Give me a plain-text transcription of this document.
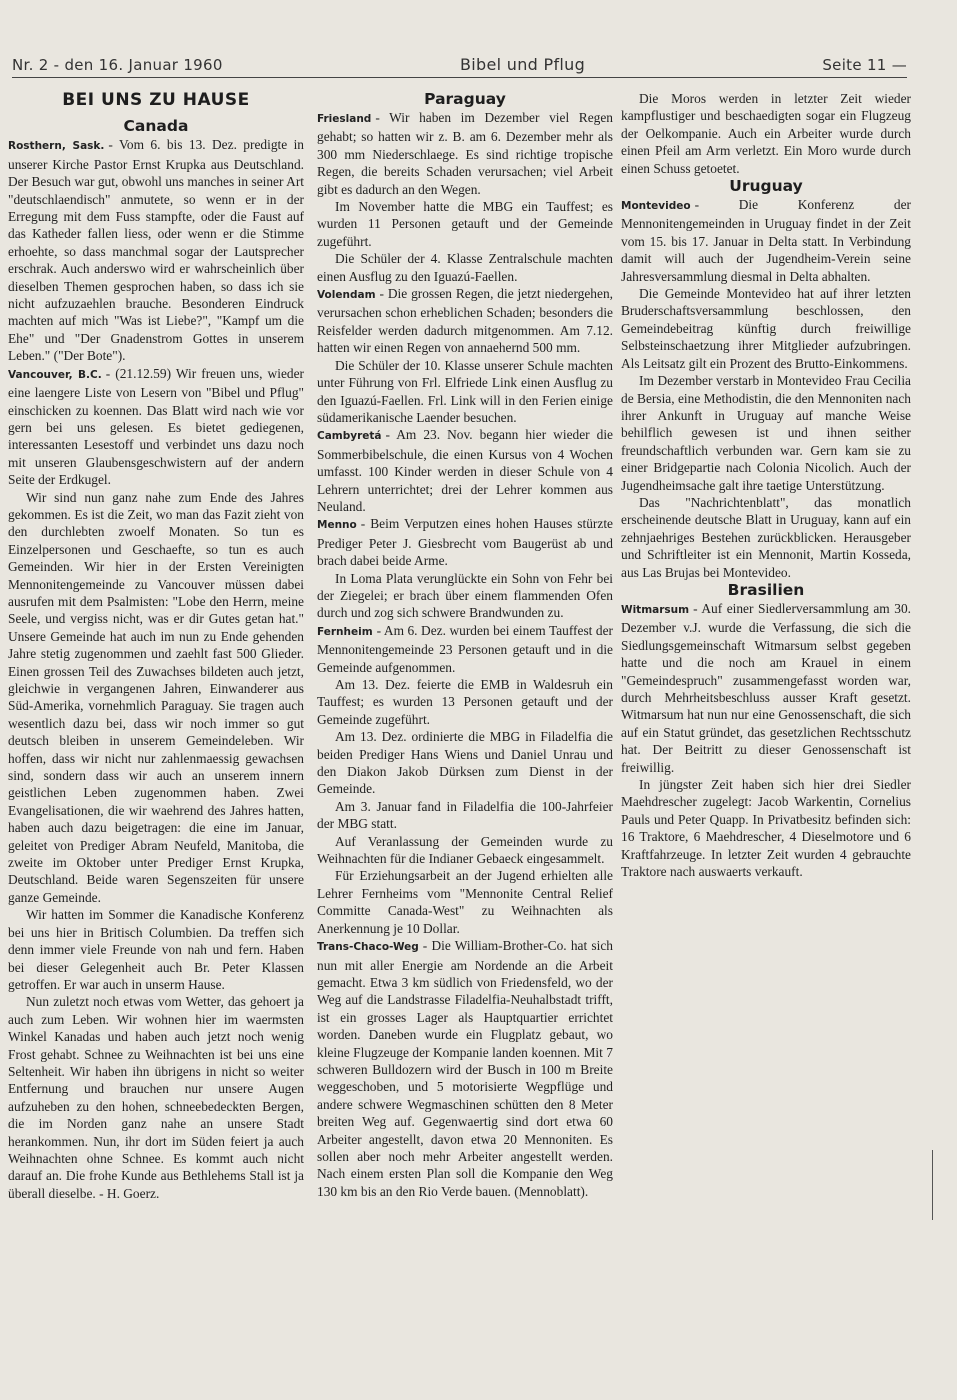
Nr. 2 - den 16. Januar 1960	Bibel und Pflug	Seite 11 —
BEI UNS ZU HAUSE
Canada

Rosthern, Sask. - Vom 6. bis 13. Dez. predigte in unserer Kirche Pastor Ernst Krupka aus Deutschland. Der Besuch war gut, obwohl uns manches in seiner Art "deutschlaendisch" anmutete, so wenn er in der Erregung mit dem Fuss stampfte, oder die Faust auf das Katheder fallen liess, oder wenn er die Stimme erhoehte, so dass manchmal sogar der Lautsprecher erschrak. Auch anderswo wird er wahrscheinlich über dieselben Themen gesprochen haben, so dass ich sie nicht aufzuzaehlen brauche. Besonderen Eindruck machten auf mich "Was ist Liebe?", "Kampf um die Ehe" und "Der Gnadenstrom Gottes in unserem Leben." ("Der Bote").

Vancouver, B.C. - (21.12.59) Wir freuen uns, wieder eine laengere Liste von Lesern von "Bibel und Pflug" einschicken zu koennen. Das Blatt wird nach wie vor gern bei uns gelesen. Es bietet gediegenen, interessanten Lesestoff und verbindet uns dazu noch mit unseren Glaubensgeschwistern auf der andern Seite der Erdkugel.

Wir sind nun ganz nahe zum Ende des Jahres gekommen. Es ist die Zeit, wo man das Fazit zieht von den durchlebten zwoelf Monaten. So tun es Einzelpersonen und Geschaefte, so tun es auch Gemeinden. Wir hier in der Ersten Vereinigten Mennonitengemeinde zu Vancouver müssen dabei ausrufen mit dem Psalmisten: "Lobe den Herrn, meine Seele, und vergiss nicht, was er dir Gutes getan hat." Unsere Gemeinde hat auch im nun zu Ende gehenden Jahre stetig zugenommen und zaehlt fast 500 Glieder. Einen grossen Teil des Zuwachses bildeten auch jetzt, gleichwie in vergangenen Jahren, Einwanderer aus Süd-Amerika, vornehmlich Paraguay. Sie tragen auch wesentlich dazu bei, dass wir noch immer so gut deutsch bleiben in unserem Gemeindeleben. Wir hoffen, dass wir nicht nur zahlenmaessig gewachsen sind, sondern dass wir auch an unserem innern geistlichen Leben zugenommen haben. Zwei Evangelisationen, die wir waehrend des Jahres hatten, haben auch dazu beigetragen: die eine im Januar, geleitet von Prediger Abram Neufeld, Manitoba, die zweite im Oktober unter Prediger Ernst Krupka, Deutschland. Beide waren Segenszeiten für unsere ganze Gemeinde.

Wir hatten im Sommer die Kanadische Konferenz bei uns hier in Britisch Columbien. Da treffen sich denn immer viele Freunde von nah und fern. Haben bei dieser Gelegenheit auch Br. Peter Klassen getroffen. Er war auch in unserm Hause.

Nun zuletzt noch etwas vom Wetter, das gehoert ja auch zum Leben. Wir wohnen hier im waermsten Winkel Kanadas und haben auch jetzt noch wenig Frost gehabt. Schnee zu Weihnachten ist bei uns eine Seltenheit. Wir haben ihn übrigens in nicht so weiter Entfernung und brauchen nur unsere Augen aufzuheben zu den hohen, schneebedeckten Bergen, die im Norden ganz nahe an unsere Stadt herankommen. Nun, ihr dort im Süden feiert ja auch Weihnachten ohne Schnee. Es kommt auch nicht darauf an. Die frohe Kunde aus Bethlehems Stall ist ja überall dieselbe. - H. Goerz.

Paraguay

Friesland - Wir haben im Dezember viel Regen gehabt; so hatten wir z. B. am 6. Dezember mehr als 300 mm Niederschlaege. Es sind richtige tropische Regen, die bereits Schaden verursachen; viel Arbeit gibt es dadurch an den Wegen.

Im November hatte die MBG ein Tauffest; es wurden 11 Personen getauft und der Gemeinde zugeführt.

Die Schüler der 4. Klasse Zentralschule machten einen Ausflug zu den Iguazú-Faellen.

Volendam - Die grossen Regen, die jetzt niedergehen, verursachen schon erheblichen Schaden; besonders die Reisfelder werden dadurch mitgenommen. Am 7.12. hatten wir einen Regen von annaehernd 500 mm.

Die Schüler der 10. Klasse unserer Schule machten unter Führung von Frl. Elfriede Link einen Ausflug zu den Iguazú-Faellen. Frl. Link will in den Ferien einige südamerikanische Laender besuchen.

Cambyretá - Am 23. Nov. begann hier wieder die Sommerbibelschule, die einen Kursus von 4 Wochen umfasst. 100 Kinder werden in dieser Schule von 4 Lehrern unterrichtet; drei der Lehrer kommen aus Neuland.

Menno - Beim Verputzen eines hohen Hauses stürzte Prediger Peter J. Giesbrecht vom Baugerüst ab und brach dabei beide Arme.

In Loma Plata verunglückte ein Sohn von Fehr bei der Ziegelei; er brach über einem flammenden Ofen durch und zog sich schwere Brandwunden zu.

Fernheim - Am 6. Dez. wurden bei einem Tauffest der Mennonitengemeinde 23 Personen getauft und in die Gemeinde aufgenommen.

Am 13. Dez. feierte die EMB in Waldesruh ein Tauffest; es wurden 13 Personen getauft und der Gemeinde zugeführt.

Am 13. Dez. ordinierte die MBG in Filadelfia die beiden Prediger Hans Wiens und Daniel Unrau und den Diakon Jakob Dürksen zum Dienst in der Gemeinde.

Am 3. Januar fand in Filadelfia die 100-Jahrfeier der MBG statt.

Auf Veranlassung der Gemeinden wurde zu Weihnachten für die Indianer Gebaeck eingesammelt.

Für Erziehungsarbeit an der Jugend erhielten alle Lehrer Fernheims vom "Mennonite Central Relief Committe Canada-West" zu Weihnachten als Anerkennung je 10 Dollar.

Trans-Chaco-Weg - Die William-Brother-Co. hat sich nun mit aller Energie am Nordende an die Arbeit gemacht. Etwa 3 km südlich von Friedensfeld, wo der Weg auf die Landstrasse Filadelfia-Neuhalbstadt trifft, ist ein grosses Lager als Hauptquartier errichtet worden. Daneben wurde ein Flugplatz gebaut, wo kleine Flugzeuge der Kompanie landen koennen. Mit 7 schweren Bulldozern wird der Busch in 100 m Breite weggeschoben, und 5 motorisierte Wegpflüge und andere schwere Wegmaschinen schütten den 8 Meter breiten Weg auf. Gegenwaertig sind dort etwa 60 Arbeiter angestellt, davon etwa 20 Mennoniten. Es sollen aber noch mehr Arbeiter angestellt werden. Nach einem ersten Plan soll die Kompanie den Weg 130 km bis an den Rio Verde bauen. (Mennoblatt).

Die Moros werden in letzter Zeit wieder kampflustiger und beschaedigten sogar ein Flugzeug der Oelkompanie. Auch ein Arbeiter wurde durch einen Pfeil am Arm verletzt. Ein Moro wurde durch einen Schuss getoetet.

Uruguay

Montevideo - Die Konferenz der Mennonitengemeinden in Uruguay findet in der Zeit vom 15. bis 17. Januar in Delta statt. In Verbindung damit will auch der Jugendheim-Verein seine Jahresversammlung diesmal in Delta abhalten.

Die Gemeinde Montevideo hat auf ihrer letzten Bruderschaftsversammlung beschlossen, den Gemeindebeitrag künftig durch freiwillige Selbsteinschaetzung ihrer Mitglieder aufzubringen. Als Leitsatz gilt ein Prozent des Brutto-Einkommens.

Im Dezember verstarb in Montevideo Frau Cecilia de Bersia, eine Methodistin, die den Mennoniten nach ihrer Ankunft in Uruguay auf manche Weise behilflich gewesen ist und ihnen seither freundschaftlich verbunden war. Gern kam sie zu einer Bridgepartie nach Colonia Nicolich. Auch der Jugendheimsache galt ihre taetige Unterstützung.

Das "Nachrichtenblatt", das monatlich erscheinende deutsche Blatt in Uruguay, kann auf ein zehnjaehriges Bestehen zurückblicken. Herausgeber und Schriftleiter ist ein Mennonit, Martin Kosseda, aus Las Brujas bei Montevideo.

Brasilien

Witmarsum - Auf einer Siedlerversammlung am 30. Dezember v.J. wurde die Verfassung, die sich die Siedlungsgemeinschaft Witmarsum selbst gegeben hatte und die noch am Krauel in einem "Gemeindespruch" zusammengefasst worden war, durch Mehrheitsbeschluss ausser Kraft gesetzt. Witmarsum hat nun nur eine Genossenschaft, die sich auf ein Statut gründet, das gesetzlichen Rechtsschutz hat. Der Beitritt zu dieser Genossenschaft ist freiwillig.

In jüngster Zeit haben sich hier drei Siedler Maehdrescher zugelegt: Jacob Warkentin, Cornelius Pauls und Peter Quapp. In Privatbesitz befinden sich: 16 Traktore, 6 Maehdrescher, 4 Dieselmotore und 6 Kraftfahrzeuge. In letzter Zeit wurden 4 gebrauchte Traktore nach auswaerts verkauft.
